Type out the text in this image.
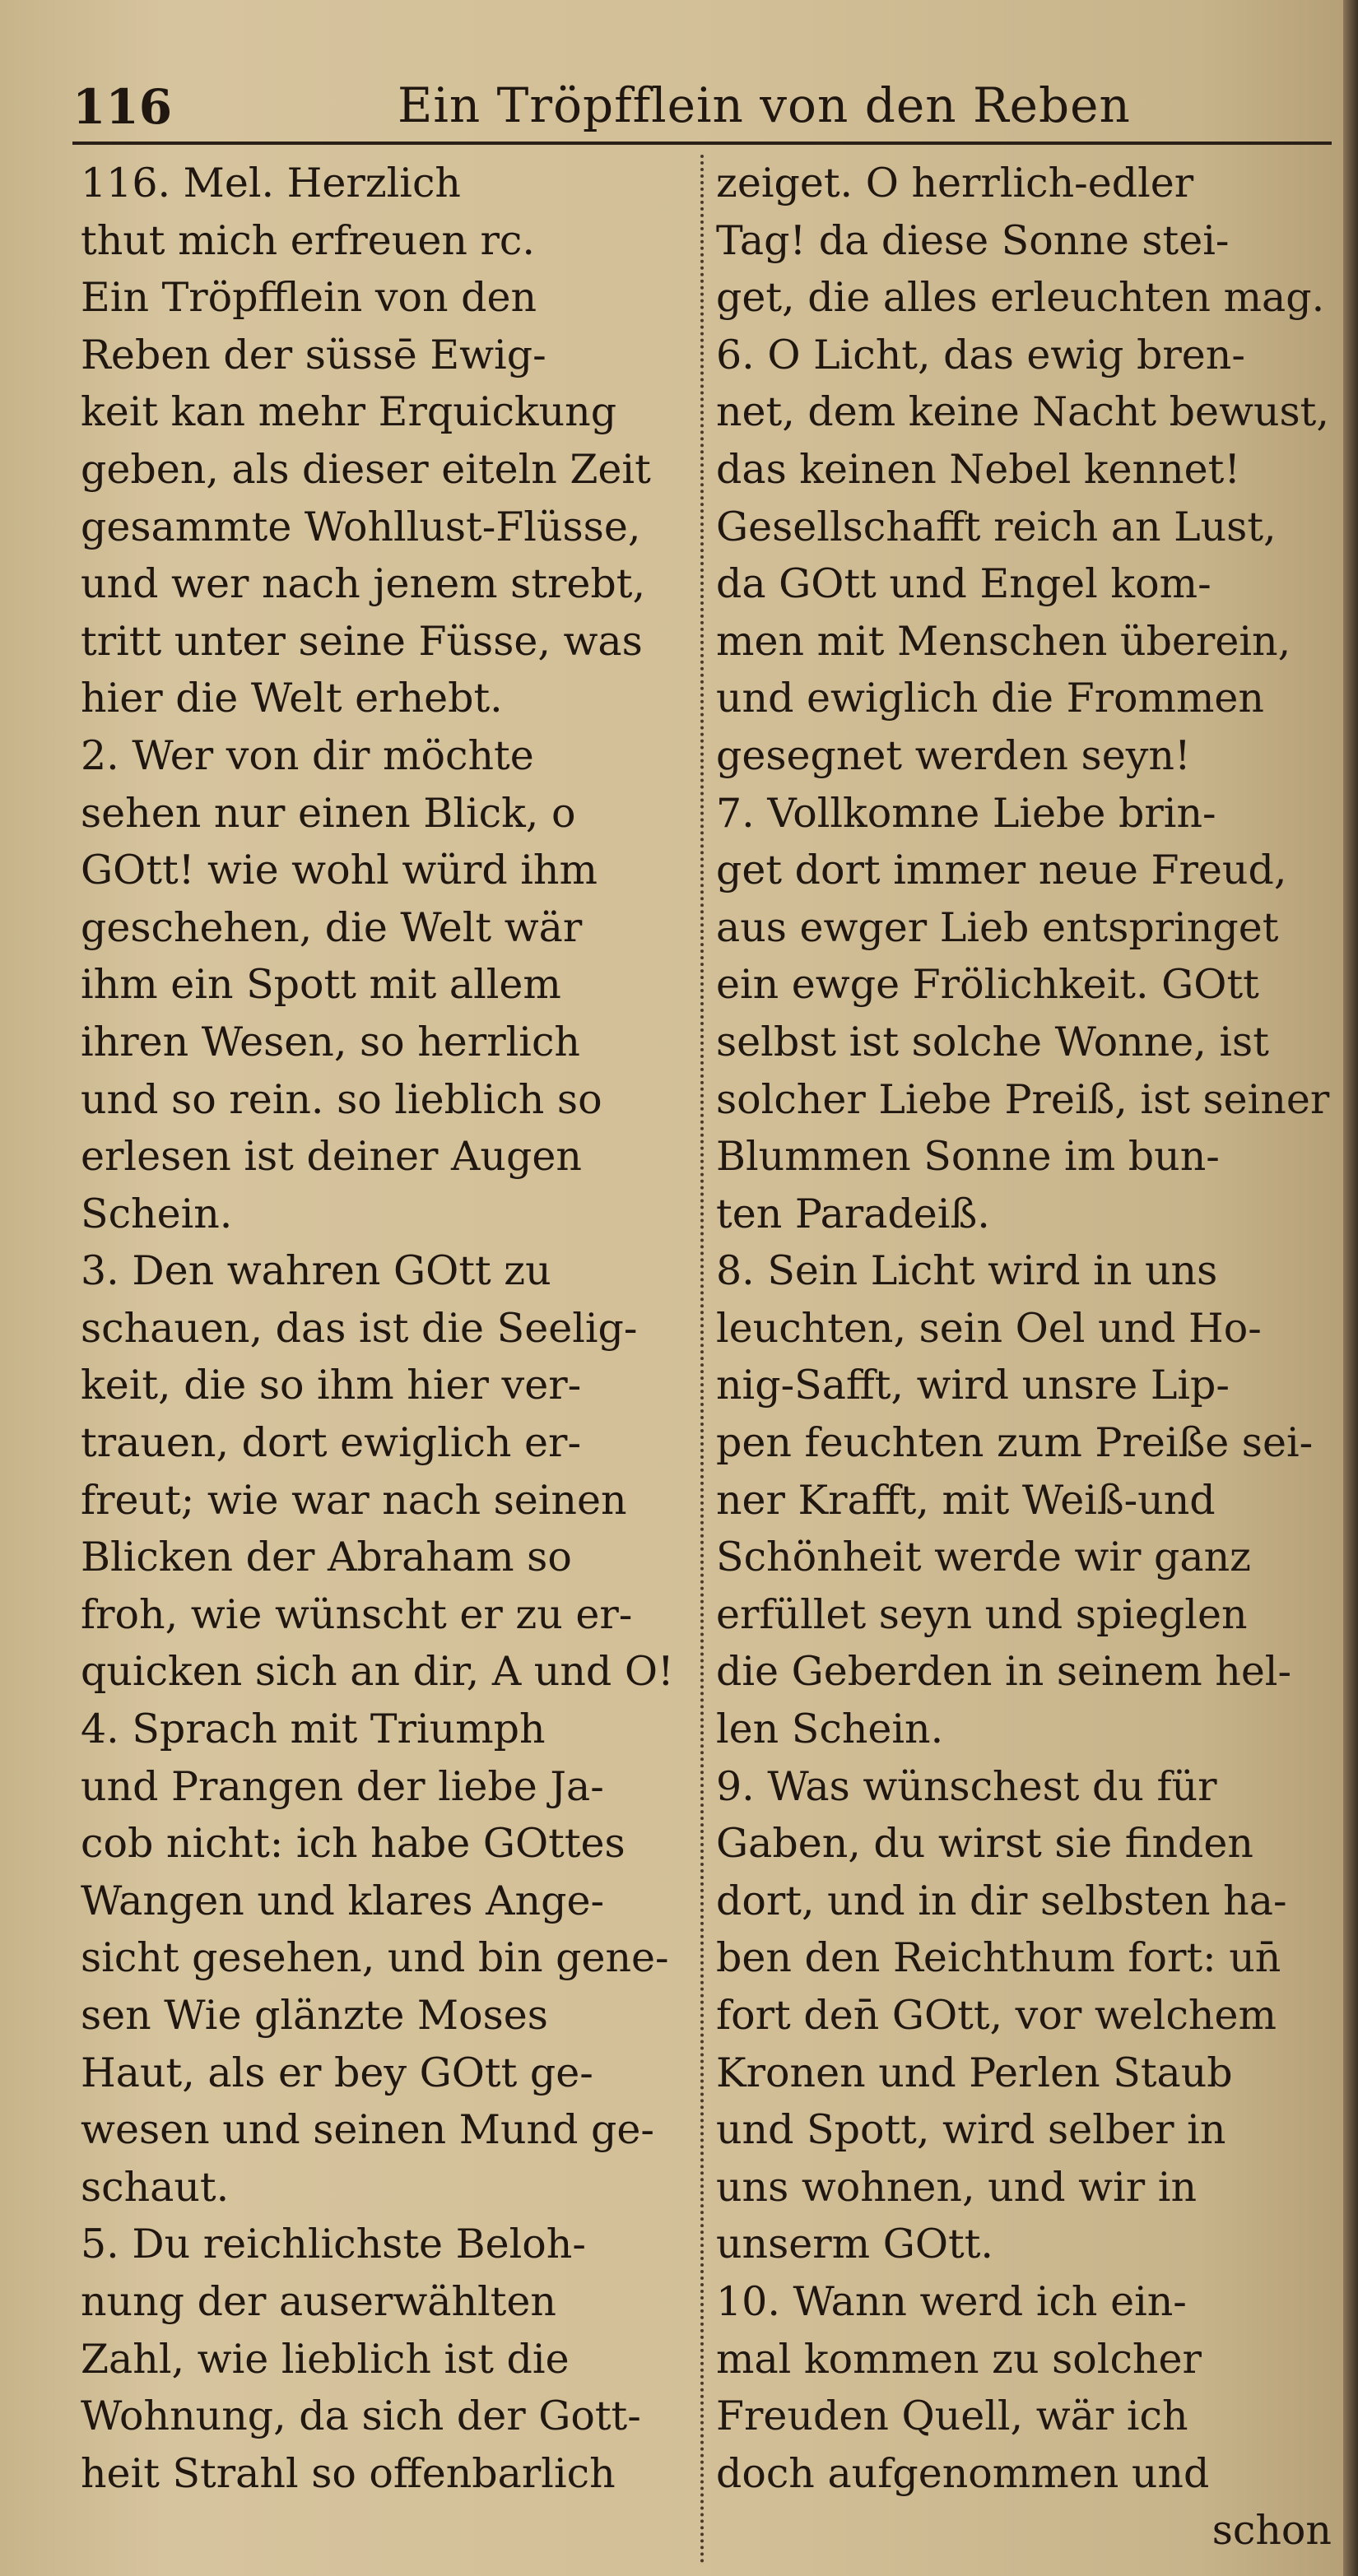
116	Ein Tröpfflein von den Reben
116. Mel. Herzlich
thut mich erfreuen rc.
Ein Tröpfflein von den
Reben der süssē Ewig-
keit kan mehr Erquickung
geben, als dieser eiteln Zeit
gesammte Wohllust-Flüsse,
und wer nach jenem strebt,
tritt unter seine Füsse, was
hier die Welt erhebt.
2. Wer von dir möchte
sehen nur einen Blick, o
GOtt! wie wohl würd ihm
geschehen, die Welt wär
ihm ein Spott mit allem
ihren Wesen, so herrlich
und so rein. so lieblich so
erlesen ist deiner Augen
Schein.
3. Den wahren GOtt zu
schauen, das ist die Seelig-
keit, die so ihm hier ver-
trauen, dort ewiglich er-
freut; wie war nach seinen
Blicken der Abraham so
froh, wie wünscht er zu er-
quicken sich an dir, A und O!
4. Sprach mit Triumph
und Prangen der liebe Ja-
cob nicht: ich habe GOttes
Wangen und klares Ange-
sicht gesehen, und bin gene-
sen Wie glänzte Moses
Haut, als er bey GOtt ge-
wesen und seinen Mund ge-
schaut.
5. Du reichlichste Beloh-
nung der auserwählten
Zahl, wie lieblich ist die
Wohnung, da sich der Gott-
heit Strahl so offenbarlich
zeiget. O herrlich-edler
Tag! da diese Sonne stei-
get, die alles erleuchten mag.
6. O Licht, das ewig bren-
net, dem keine Nacht bewust,
das keinen Nebel kennet!
Gesellschafft reich an Lust,
da GOtt und Engel kom-
men mit Menschen überein,
und ewiglich die Frommen
gesegnet werden seyn!
7. Vollkomne Liebe brin-
get dort immer neue Freud,
aus ewger Lieb entspringet
ein ewge Frölichkeit. GOtt
selbst ist solche Wonne, ist
solcher Liebe Preiß, ist seiner
Blummen Sonne im bun-
ten Paradeiß.
8. Sein Licht wird in uns
leuchten, sein Oel und Ho-
nig-Safft, wird unsre Lip-
pen feuchten zum Preiße sei-
ner Krafft, mit Weiß-und
Schönheit werde wir ganz
erfüllet seyn und spieglen
die Geberden in seinem hel-
len Schein.
9. Was wünschest du für
Gaben, du wirst sie finden
dort, und in dir selbsten ha-
ben den Reichthum fort: un̄
fort den̄ GOtt, vor welchem
Kronen und Perlen Staub
und Spott, wird selber in
uns wohnen, und wir in
unserm GOtt.
10. Wann werd ich ein-
mal kommen zu solcher
Freuden Quell, wär ich
doch aufgenommen und
schon
